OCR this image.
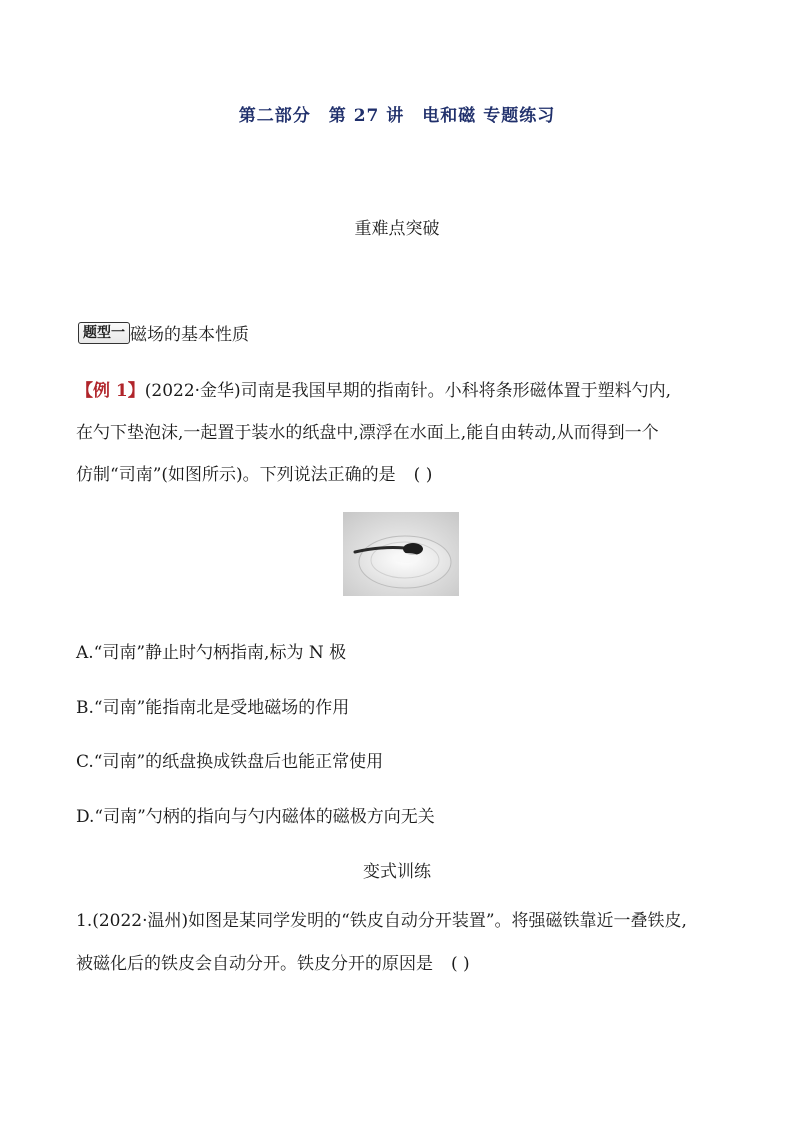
第二部分　第 27 讲　电和磁 专题练习
重难点突破
题型一 磁场的基本性质
【例 1】(2022·金华)司南是我国早期的指南针。小科将条形磁体置于塑料勺内,
在勺下垫泡沫,一起置于装水的纸盘中,漂浮在水面上,能自由转动,从而得到一个
仿制“司南”(如图所示)。下列说法正确的是 ( )
A.“司南”静止时勺柄指南,标为 N 极
B.“司南”能指南北是受地磁场的作用
C.“司南”的纸盘换成铁盘后也能正常使用
D.“司南”勺柄的指向与勺内磁体的磁极方向无关
变式训练
1.(2022·温州)如图是某同学发明的“铁皮自动分开装置”。将强磁铁靠近一叠铁皮,
被磁化后的铁皮会自动分开。铁皮分开的原因是 ( )
